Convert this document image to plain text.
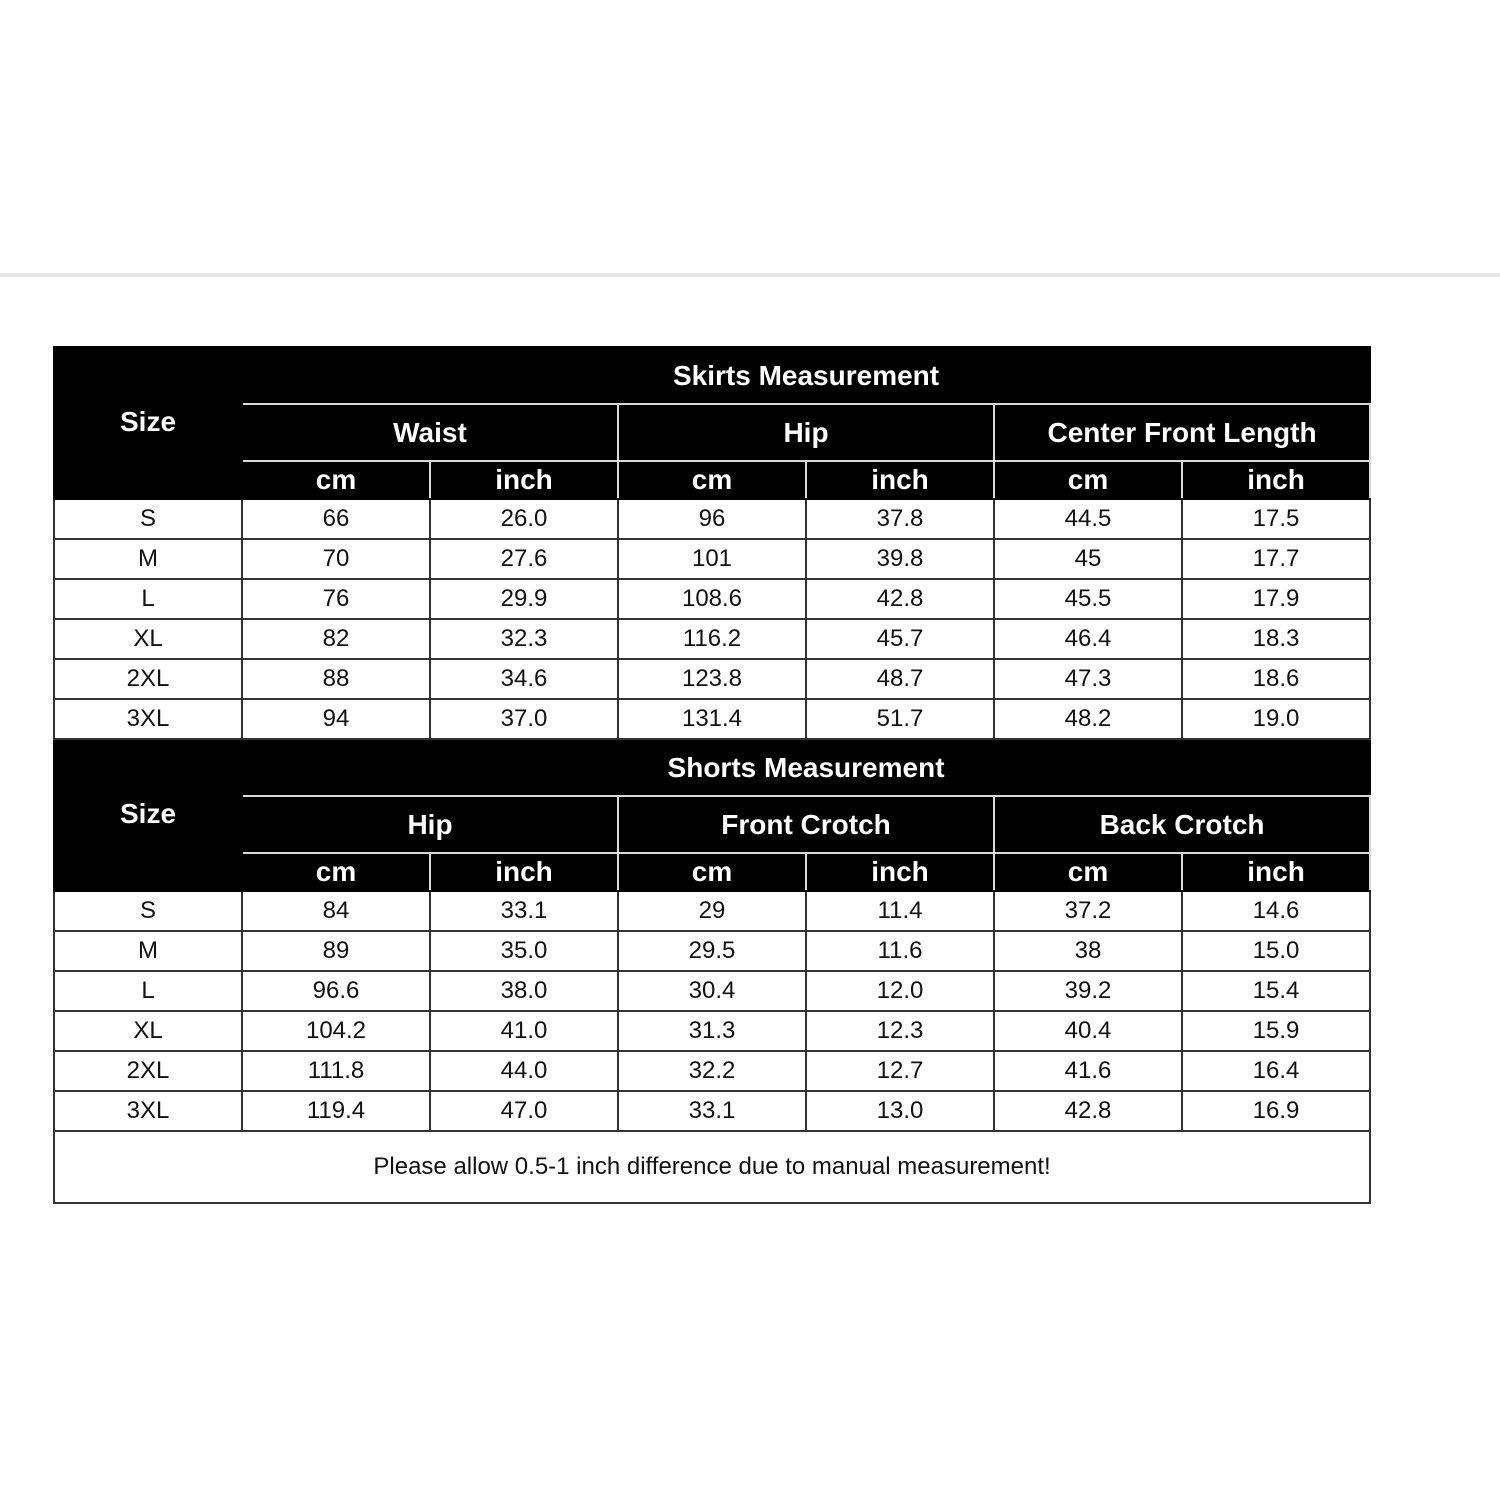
Size	Skirts Measurement					
	Waist		Hip		Center Front Length	
	cm	inch	cm	inch	cm	inch
S	66	26.0	96	37.8	44.5	17.5
M	70	27.6	101	39.8	45	17.7
L	76	29.9	108.6	42.8	45.5	17.9
XL	82	32.3	116.2	45.7	46.4	18.3
2XL	88	34.6	123.8	48.7	47.3	18.6
3XL	94	37.0	131.4	51.7	48.2	19.0
Size	Shorts Measurement					
	Hip		Front Crotch		Back Crotch	
	cm	inch	cm	inch	cm	inch
S	84	33.1	29	11.4	37.2	14.6
M	89	35.0	29.5	11.6	38	15.0
L	96.6	38.0	30.4	12.0	39.2	15.4
XL	104.2	41.0	31.3	12.3	40.4	15.9
2XL	111.8	44.0	32.2	12.7	41.6	16.4
3XL	119.4	47.0	33.1	13.0	42.8	16.9
Please allow 0.5-1 inch difference due to manual measurement!						
